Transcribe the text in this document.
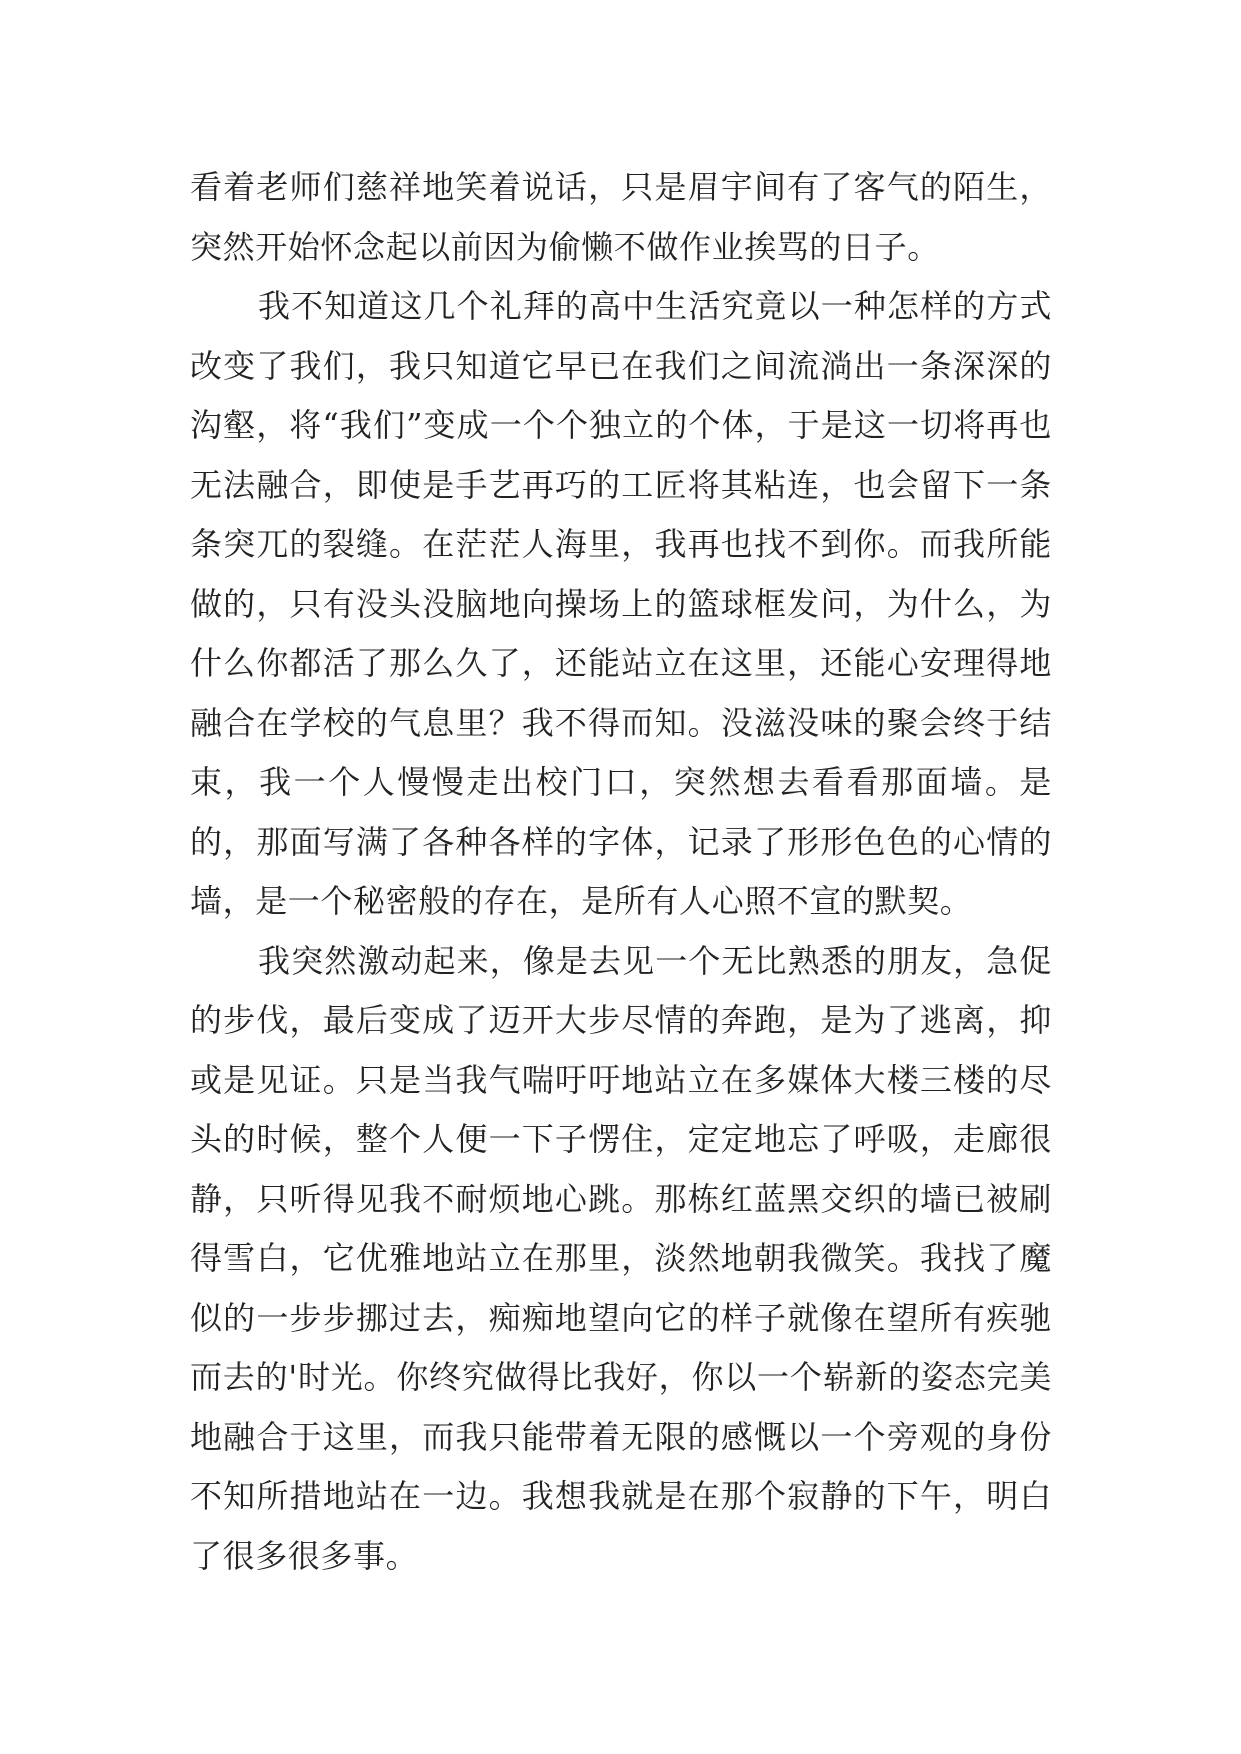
看着老师们慈祥地笑着说话，只是眉宇间有了客气的陌生，突然开始怀念起以前因为偷懒不做作业挨骂的日子。

我不知道这几个礼拜的高中生活究竟以一种怎样的方式改变了我们，我只知道它早已在我们之间流淌出一条深深的沟壑，将“我们”变成一个个独立的个体，于是这一切将再也无法融合，即使是手艺再巧的工匠将其粘连，也会留下一条条突兀的裂缝。在茫茫人海里，我再也找不到你。而我所能做的，只有没头没脑地向操场上的篮球框发问，为什么，为什么你都活了那么久了，还能站立在这里，还能心安理得地融合在学校的气息里？我不得而知。没滋没味的聚会终于结束，我一个人慢慢走出校门口，突然想去看看那面墙。是的，那面写满了各种各样的字体，记录了形形色色的心情的墙，是一个秘密般的存在，是所有人心照不宣的默契。

我突然激动起来，像是去见一个无比熟悉的朋友，急促的步伐，最后变成了迈开大步尽情的奔跑，是为了逃离，抑或是见证。只是当我气喘吁吁地站立在多媒体大楼三楼的尽头的时候，整个人便一下子愣住，定定地忘了呼吸，走廊很静，只听得见我不耐烦地心跳。那栋红蓝黑交织的墙已被刷得雪白，它优雅地站立在那里，淡然地朝我微笑。我找了魔似的一步步挪过去，痴痴地望向它的样子就像在望所有疾驰而去的'时光。你终究做得比我好，你以一个崭新的姿态完美地融合于这里，而我只能带着无限的感慨以一个旁观的身份不知所措地站在一边。我想我就是在那个寂静的下午，明白了很多很多事。
